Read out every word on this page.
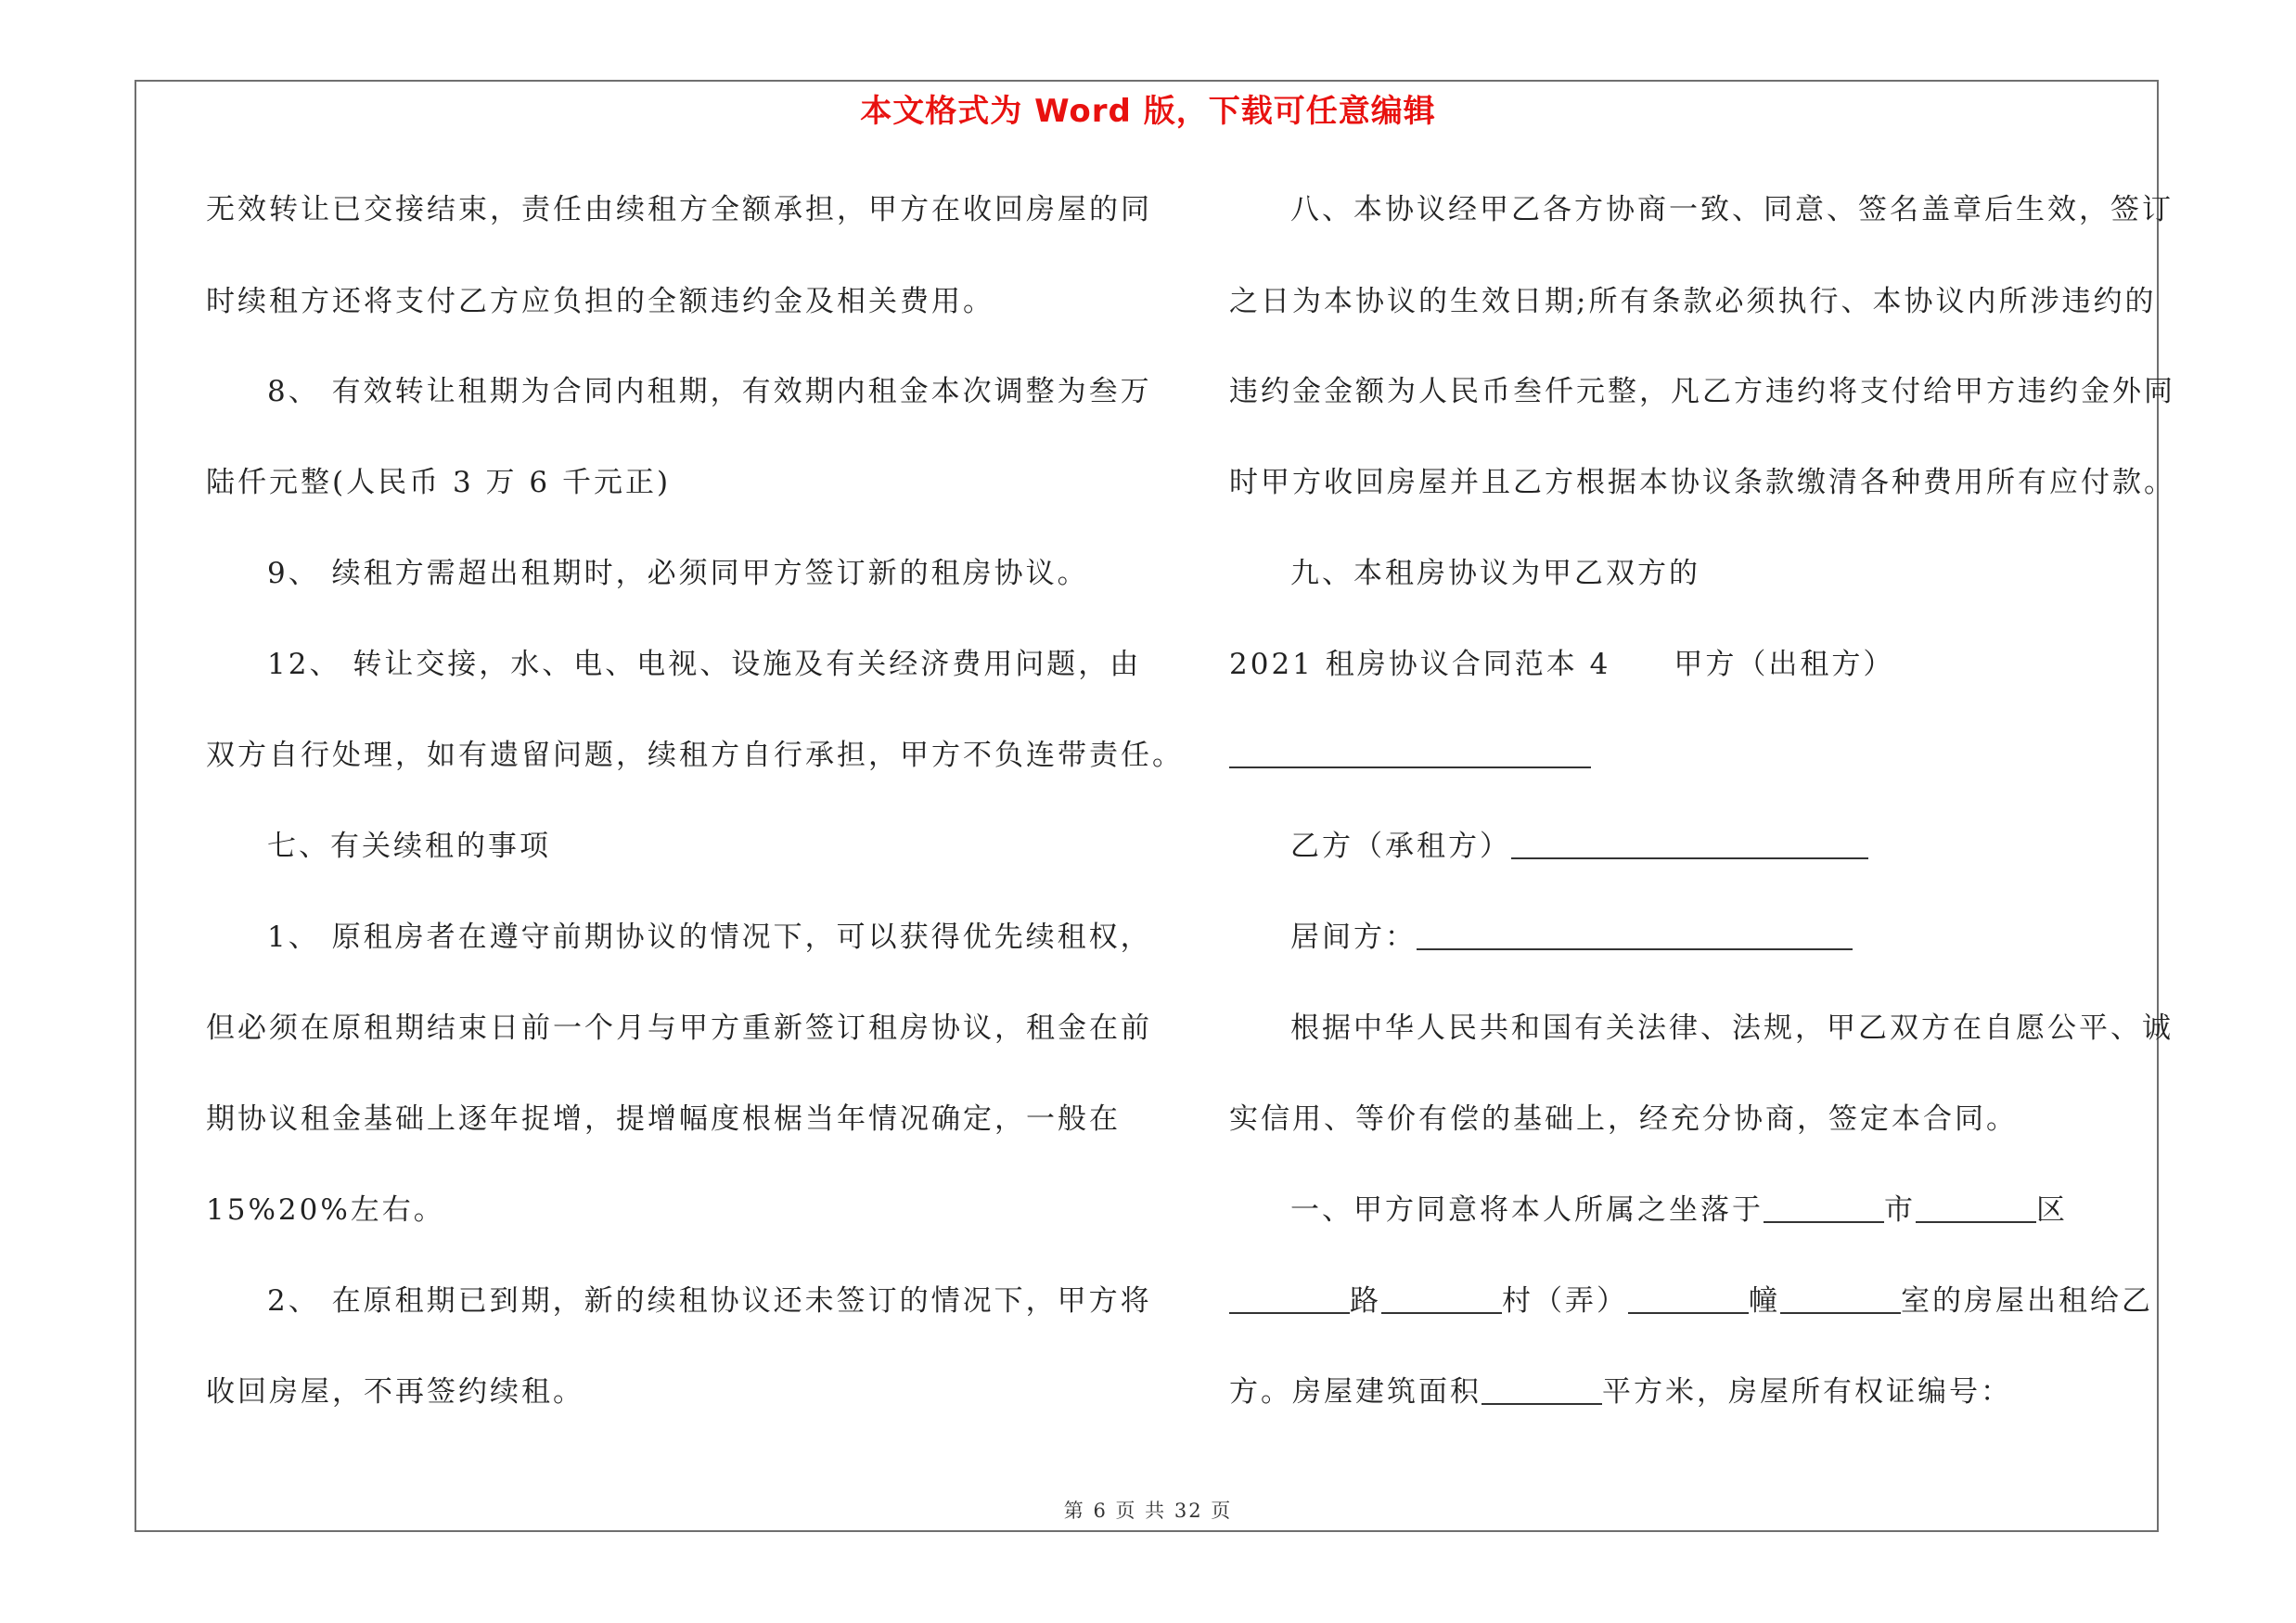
本文格式为 Word 版，下载可任意编辑
无效转让已交接结束，责任由续租方全额承担，甲方在收回房屋的同
时续租方还将支付乙方应负担的全额违约金及相关费用。
8、 有效转让租期为合同内租期，有效期内租金本次调整为叁万
陆仟元整(人民币 3 万 6 千元正)
9、 续租方需超出租期时，必须同甲方签订新的租房协议。
12、 转让交接，水、电、电视、设施及有关经济费用问题，由
双方自行处理，如有遗留问题，续租方自行承担，甲方不负连带责任。
七、有关续租的事项
1、 原租房者在遵守前期协议的情况下，可以获得优先续租权，
但必须在原租期结束日前一个月与甲方重新签订租房协议，租金在前
期协议租金基础上逐年捉增，提增幅度根椐当年情况确定，一般在
15%20%左右。
2、 在原租期已到期，新的续租协议还未签订的情况下，甲方将
收回房屋，不再签约续租。
八、本协议经甲乙各方协商一致、同意、签名盖章后生效，签订
之日为本协议的生效日期;所有条款必须执行、本协议内所涉违约的
违约金金额为人民币叁仟元整，凡乙方违约将支付给甲方违约金外同
时甲方收回房屋并且乙方根据本协议条款缴清各种费用所有应付款。
九、本租房协议为甲乙双方的
2021 租房协议合同范本 4　　甲方（出租方）
乙方（承租方）
居间方：
根据中华人民共和国有关法律、法规，甲乙双方在自愿公平、诚
实信用、等价有偿的基础上，经充分协商，签定本合同。
一、甲方同意将本人所属之坐落于	市	区
路	村（弄）	幢	室的房屋出租给乙
方。房屋建筑面积	平方米，房屋所有权证编号：
第 6 页 共 32 页
